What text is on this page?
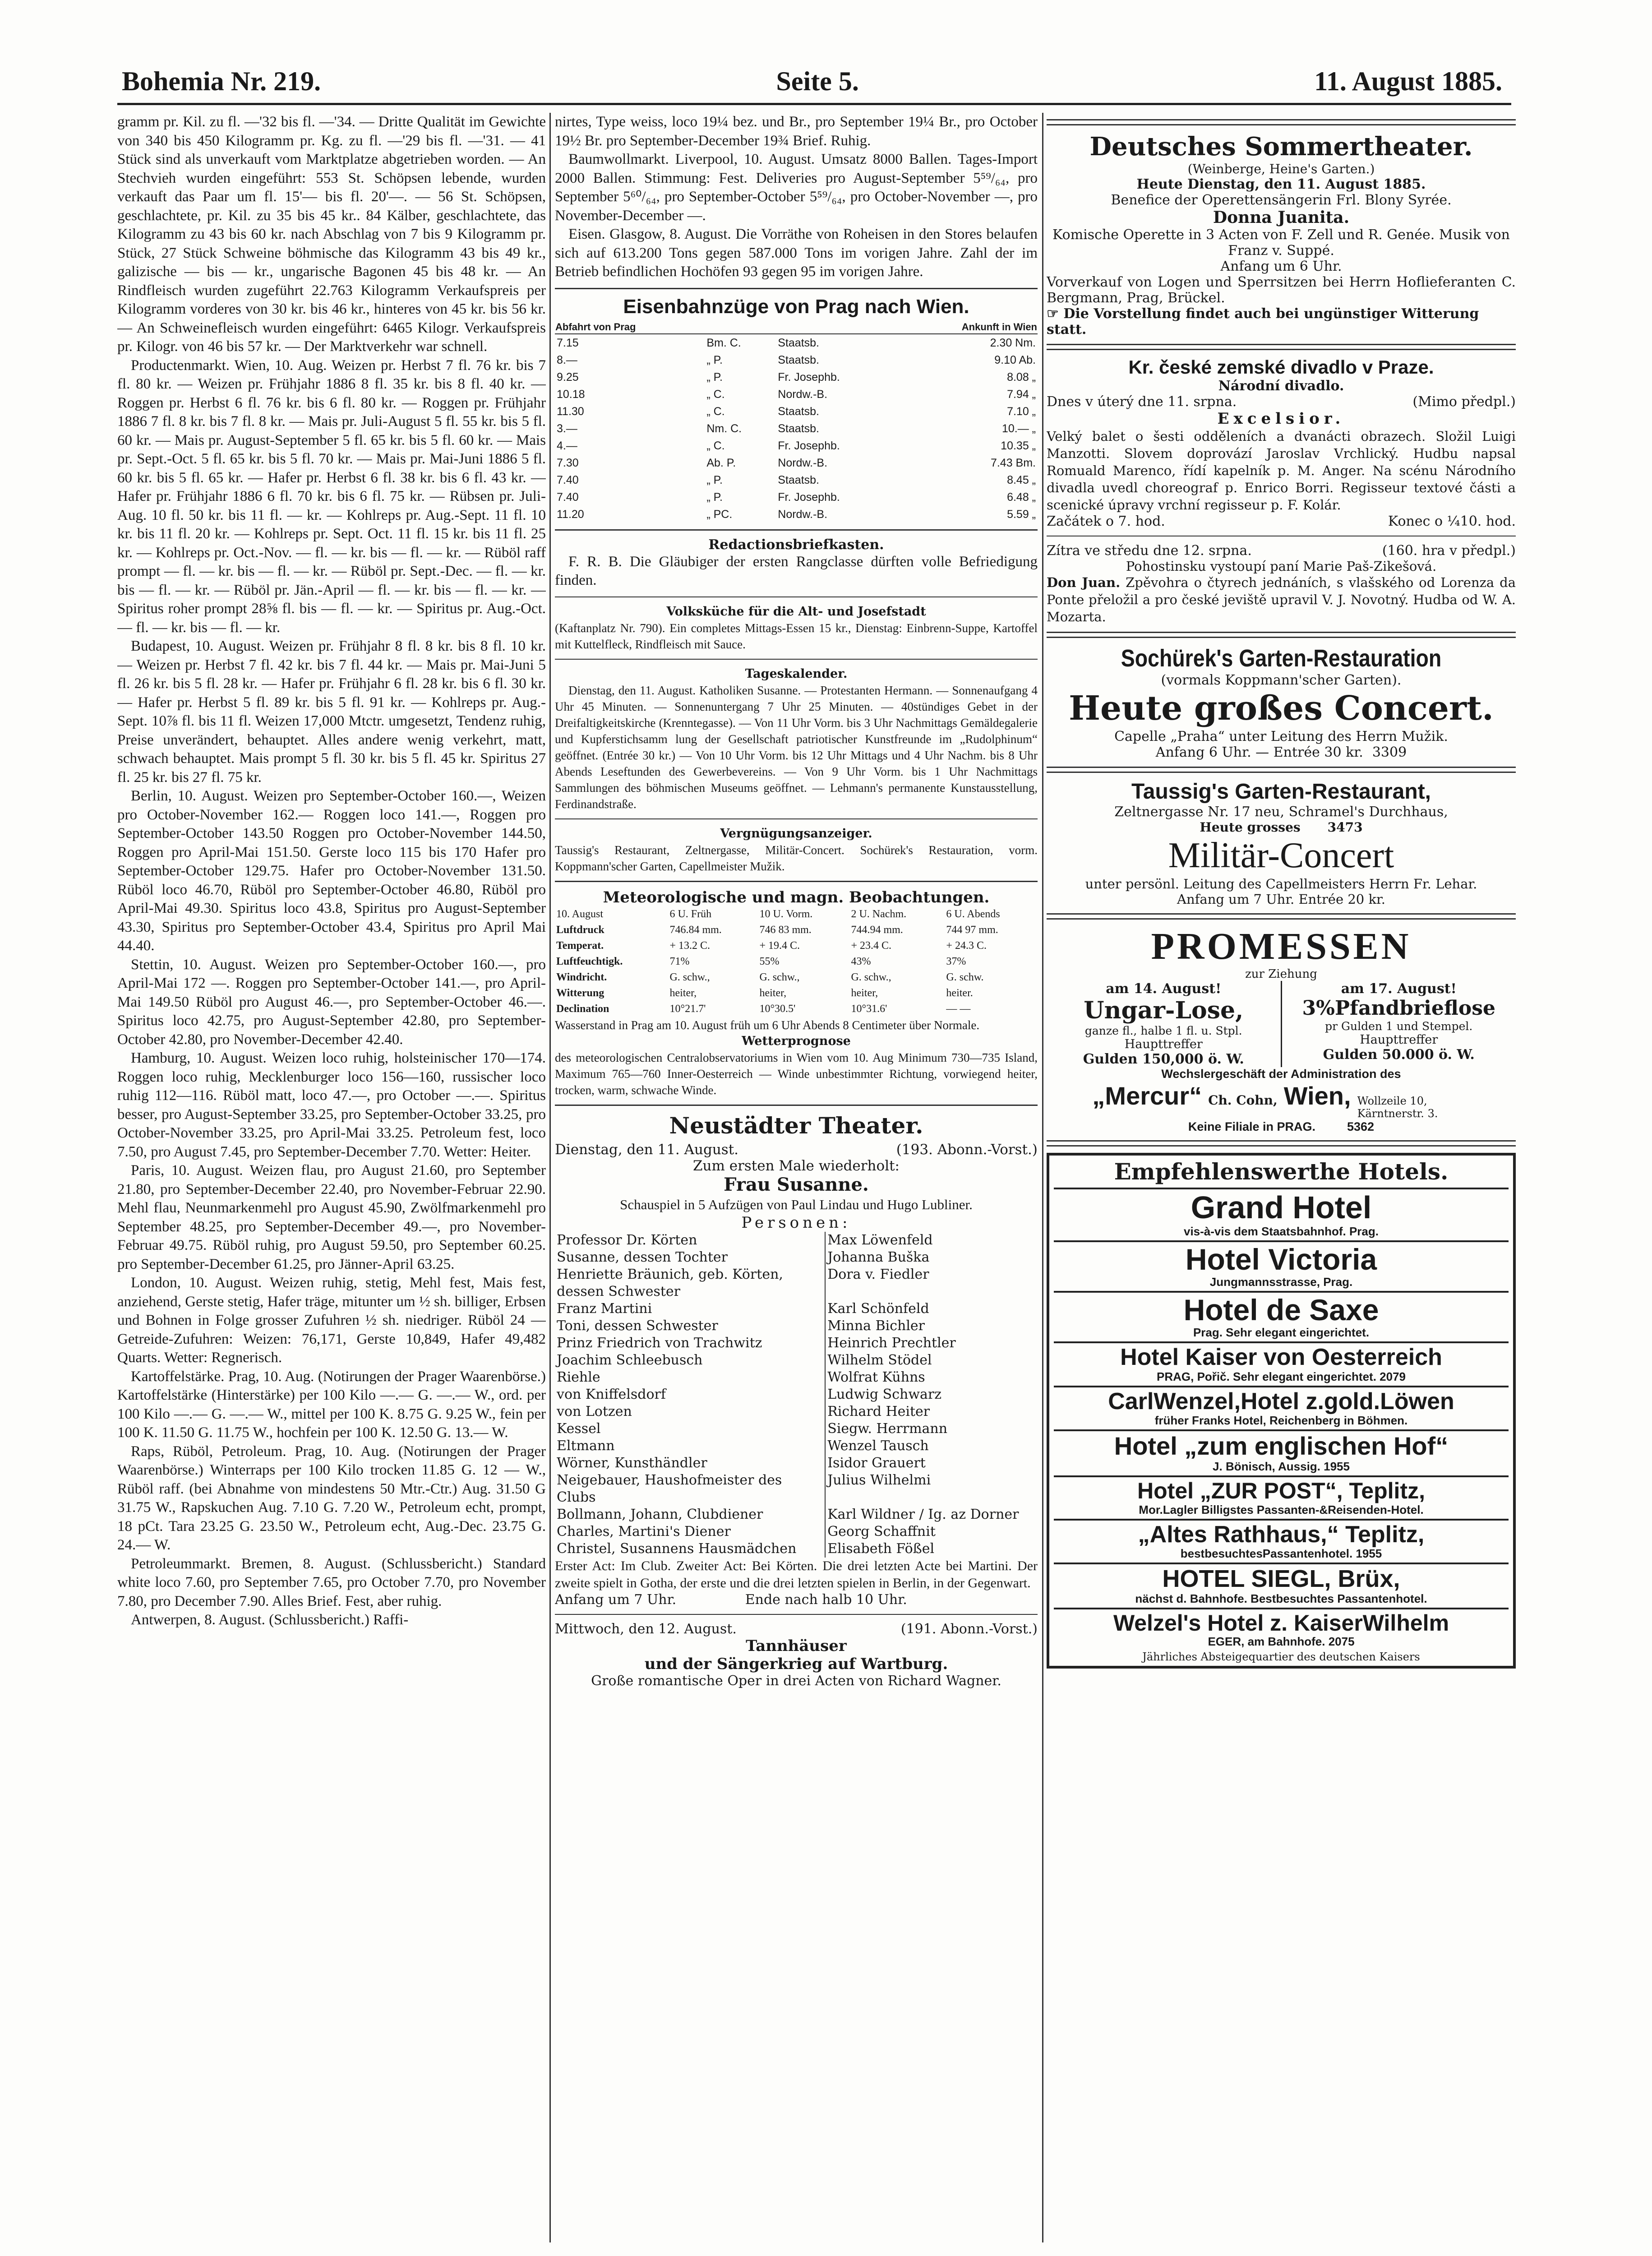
Bohemia Nr. 219.	Seite 5.	11. August 1885.

gramm pr. Kil. zu fl. —'32 bis fl. —'34. — Dritte Qualität im Gewichte von 340 bis 450 Kilogramm pr. Kg. zu fl. —'29 bis fl. —'31. — 41 Stück sind als unverkauft vom Marktplatze abgetrieben worden. — An Stechvieh wurden eingeführt: 553 St. Schöpsen lebende, wurden verkauft das Paar um fl. 15'— bis fl. 20'—. — 56 St. Schöpsen, geschlachtete, pr. Kil. zu 35 bis 45 kr.. 84 Kälber, geschlachtete, das Kilogramm zu 43 bis 60 kr. nach Abschlag von 7 bis 9 Kilogramm pr. Stück, 27 Stück Schweine böhmische das Kilogramm 43 bis 49 kr., galizische — bis — kr., ungarische Bagonen 45 bis 48 kr. — An Rindfleisch wurden zugeführt 22.763 Kilogramm Verkaufspreis per Kilogramm vorderes von 30 kr. bis 46 kr., hinteres von 45 kr. bis 56 kr. — An Schweinefleisch wurden eingeführt: 6465 Kilogr. Verkaufspreis pr. Kilogr. von 46 bis 57 kr. — Der Marktverkehr war schnell.

Productenmarkt. Wien, 10. Aug. Weizen pr. Herbst 7 fl. 76 kr. bis 7 fl. 80 kr. — Weizen pr. Frühjahr 1886 8 fl. 35 kr. bis 8 fl. 40 kr. — Roggen pr. Herbst 6 fl. 76 kr. bis 6 fl. 80 kr. — Roggen pr. Frühjahr 1886 7 fl. 8 kr. bis 7 fl. 8 kr. — Mais pr. Juli-August 5 fl. 55 kr. bis 5 fl. 60 kr. — Mais pr. August-September 5 fl. 65 kr. bis 5 fl. 60 kr. — Mais pr. Sept.-Oct. 5 fl. 65 kr. bis 5 fl. 70 kr. — Mais pr. Mai-Juni 1886 5 fl. 60 kr. bis 5 fl. 65 kr. — Hafer pr. Herbst 6 fl. 38 kr. bis 6 fl. 43 kr. — Hafer pr. Frühjahr 1886 6 fl. 70 kr. bis 6 fl. 75 kr. — Rübsen pr. Juli-Aug. 10 fl. 50 kr. bis 11 fl. — kr. — Kohlreps pr. Aug.-Sept. 11 fl. 10 kr. bis 11 fl. 20 kr. — Kohlreps pr. Sept. Oct. 11 fl. 15 kr. bis 11 fl. 25 kr. — Kohlreps pr. Oct.-Nov. — fl. — kr. bis — fl. — kr. — Rüböl raff prompt — fl. — kr. bis — fl. — kr. — Rüböl pr. Sept.-Dec. — fl. — kr. bis — fl. — kr. — Rüböl pr. Jän.-April — fl. — kr. bis — fl. — kr. — Spiritus roher prompt 28⅝ fl. bis — fl. — kr. — Spiritus pr. Aug.-Oct. — fl. — kr. bis — fl. — kr.

Budapest, 10. August. Weizen pr. Frühjahr 8 fl. 8 kr. bis 8 fl. 10 kr. — Weizen pr. Herbst 7 fl. 42 kr. bis 7 fl. 44 kr. — Mais pr. Mai-Juni 5 fl. 26 kr. bis 5 fl. 28 kr. — Hafer pr. Frühjahr 6 fl. 28 kr. bis 6 fl. 30 kr. — Hafer pr. Herbst 5 fl. 89 kr. bis 5 fl. 91 kr. — Kohlreps pr. Aug.-Sept. 10⅞ fl. bis 11 fl. Weizen 17,000 Mtctr. umgesetzt, Tendenz ruhig, Preise unverändert, behauptet. Alles andere wenig verkehrt, matt, schwach behauptet. Mais prompt 5 fl. 30 kr. bis 5 fl. 45 kr. Spiritus 27 fl. 25 kr. bis 27 fl. 75 kr.

Berlin, 10. August. Weizen pro September-October 160.—, Weizen pro October-November 162.— Roggen loco 141.—, Roggen pro September-October 143.50 Roggen pro October-November 144.50, Roggen pro April-Mai 151.50. Gerste loco 115 bis 170 Hafer pro September-October 129.75. Hafer pro October-November 131.50. Rüböl loco 46.70, Rüböl pro September-October 46.80, Rüböl pro April-Mai 49.30. Spiritus loco 43.8, Spiritus pro August-September 43.30, Spiritus pro September-October 43.4, Spiritus pro April Mai 44.40.

Stettin, 10. August. Weizen pro September-October 160.—, pro April-Mai 172 —. Roggen pro September-October 141.—, pro April-Mai 149.50 Rüböl pro August 46.—, pro September-October 46.—. Spiritus loco 42.75, pro August-September 42.80, pro September-October 42.80, pro November-December 42.40.

Hamburg, 10. August. Weizen loco ruhig, holsteinischer 170—174. Roggen loco ruhig, Mecklenburger loco 156—160, russischer loco ruhig 112—116. Rüböl matt, loco 47.—, pro October —.—. Spiritus besser, pro August-September 33.25, pro September-October 33.25, pro October-November 33.25, pro April-Mai 33.25. Petroleum fest, loco 7.50, pro August 7.45, pro September-December 7.70. Wetter: Heiter.

Paris, 10. August. Weizen flau, pro August 21.60, pro September 21.80, pro September-December 22.40, pro November-Februar 22.90. Mehl flau, Neunmarkenmehl pro August 45.90, Zwölfmarkenmehl pro September 48.25, pro September-December 49.—, pro November-Februar 49.75. Rüböl ruhig, pro August 59.50, pro September 60.25. pro September-December 61.25, pro Jänner-April 63.25.

London, 10. August. Weizen ruhig, stetig, Mehl fest, Mais fest, anziehend, Gerste stetig, Hafer träge, mitunter um ½ sh. billiger, Erbsen und Bohnen in Folge grosser Zufuhren ½ sh. niedriger. Rüböl 24 — Getreide-Zufuhren: Weizen: 76,171, Gerste 10,849, Hafer 49,482 Quarts. Wetter: Regnerisch.

Kartoffelstärke. Prag, 10. Aug. (Notirungen der Prager Waarenbörse.) Kartoffelstärke (Hinterstärke) per 100 Kilo —.— G. —.— W., ord. per 100 Kilo —.— G. —.— W., mittel per 100 K. 8.75 G. 9.25 W., fein per 100 K. 11.50 G. 11.75 W., hochfein per 100 K. 12.50 G. 13.— W.

Raps, Rüböl, Petroleum. Prag, 10. Aug. (Notirungen der Prager Waarenbörse.) Winterraps per 100 Kilo trocken 11.85 G. 12 — W., Rüböl raff. (bei Abnahme von mindestens 50 Mtr.-Ctr.) Aug. 31.50 G 31.75 W., Rapskuchen Aug. 7.10 G. 7.20 W., Petroleum echt, prompt, 18 pCt. Tara 23.25 G. 23.50 W., Petroleum echt, Aug.-Dec. 23.75 G. 24.— W.

Petroleummarkt. Bremen, 8. August. (Schlussbericht.) Standard white loco 7.60, pro September 7.65, pro October 7.70, pro November 7.80, pro December 7.90. Alles Brief. Fest, aber ruhig.

Antwerpen, 8. August. (Schlussbericht.) Raffi-

nirtes, Type weiss, loco 19¼ bez. und Br., pro September 19¼ Br., pro October 19½ Br. pro September-December 19¾ Brief. Ruhig.

Baumwollmarkt. Liverpool, 10. August. Umsatz 8000 Ballen. Tages-Import 2000 Ballen. Stimmung: Fest. Deliveries pro August-September 5⁵⁹/₆₄, pro September 5⁶⁰/₆₄, pro September-October 5⁵⁹/₆₄, pro October-November —, pro November-December —.

Eisen. Glasgow, 8. August. Die Vorräthe von Roheisen in den Stores belaufen sich auf 613.200 Tons gegen 587.000 Tons im vorigen Jahre. Zahl der im Betrieb befindlichen Hochöfen 93 gegen 95 im vorigen Jahre.

Eisenbahnzüge von Prag nach Wien.
Abfahrt von Prag			Ankunft in Wien
7.15	Bm. C.	Staatsb.	2.30 Nm.
8.—	„ P.	Staatsb.	9.10 Ab.
9.25	„ P.	Fr. Josephb.	8.08 „
10.18	„ C.	Nordw.-B.	7.94 „
11.30	„ C.	Staatsb.	7.10 „
3.—	Nm. C.	Staatsb.	10.— „
4.—	„ C.	Fr. Josephb.	10.35 „
7.30	Ab. P.	Nordw.-B.	7.43 Bm.
7.40	„ P.	Staatsb.	8.45 „
7.40	„ P.	Fr. Josephb.	6.48 „
11.20	„ PC.	Nordw.-B.	5.59 „
Redactionsbriefkasten.

F. R. B. Die Gläubiger der ersten Rangclasse dürften volle Befriedigung finden.

Volksküche für die Alt- und Josefstadt

(Kaftanplatz Nr. 790). Ein completes Mittags-Essen 15 kr., Dienstag: Einbrenn-Suppe, Kartoffel mit Kuttelfleck, Rindfleisch mit Sauce.

Tageskalender.

Dienstag, den 11. August. Katholiken Susanne. — Protestanten Hermann. — Sonnenaufgang 4 Uhr 45 Minuten. — Sonnenuntergang 7 Uhr 25 Minuten. — 40stündiges Gebet in der Dreifaltigkeitskirche (Krenntegasse). — Von 11 Uhr Vorm. bis 3 Uhr Nachmittags Gemäldegalerie und Kupferstichsamm lung der Gesellschaft patriotischer Kunstfreunde im „Rudolphinum“ geöffnet. (Entrée 30 kr.) — Von 10 Uhr Vorm. bis 12 Uhr Mittags und 4 Uhr Nachm. bis 8 Uhr Abends Leseftunden des Gewerbevereins. — Von 9 Uhr Vorm. bis 1 Uhr Nachmittags Sammlungen des böhmischen Museums geöffnet. — Lehmann's permanente Kunstausstellung, Ferdinandstraße.

Vergnügungsanzeiger.

Taussig's Restaurant, Zeltnergasse, Militär-Concert. Sochürek's Restauration, vorm. Koppmann'scher Garten, Capellmeister Mužik.

Meteorologische und magn. Beobachtungen.
10. August	6 U. Früh	10 U. Vorm.	2 U. Nachm.	6 U. Abends
Luftdruck	746.84 mm.	746 83 mm.	744.94 mm.	744 97 mm.
Temperat.	+ 13.2 C.	+ 19.4 C.	+ 23.4 C.	+ 24.3 C.
Luftfeuchtigk.	71%	55%	43%	37%
Windricht.	G. schw.,	G. schw.,	G. schw.,	G. schw.
Witterung	heiter,	heiter,	heiter,	heiter.
Declination	10°21.7'	10°30.5'	10°31.6'	— —

Wasserstand in Prag am 10. August früh um 6 Uhr Abends 8 Centimeter über Normale.

Wetterprognose

des meteorologischen Centralobservatoriums in Wien vom 10. Aug Minimum 730—735 Island, Maximum 765—760 Inner-Oesterreich — Winde unbestimmter Richtung, vorwiegend heiter, trocken, warm, schwache Winde.

Neustädter Theater.
Dienstag, den 11. August.	(193. Abonn.-Vorst.)
Zum ersten Male wiederholt:
Frau Susanne.

Schauspiel in 5 Aufzügen von Paul Lindau und Hugo Lubliner.

Personen:
Professor Dr. Körten	Max Löwenfeld
Susanne, dessen Tochter	Johanna Buška
Henriette Bräunich, geb. Körten, dessen Schwester	Dora v. Fiedler
Franz Martini	Karl Schönfeld
Toni, dessen Schwester	Minna Bichler
Prinz Friedrich von Trachwitz	Heinrich Prechtler
Joachim Schleebusch	Wilhelm Stödel
Riehle	Wolfrat Kühns
von Kniffelsdorf	Ludwig Schwarz
von Lotzen	Richard Heiter
Kessel	Siegw. Herrmann
Eltmann	Wenzel Tausch
Wörner, Kunsthändler	Isidor Grauert
Neigebauer, Haushofmeister des Clubs	Julius Wilhelmi
Bollmann, Johann, Clubdiener	Karl Wildner / Ig. az Dorner
Charles, Martini's Diener	Georg Schaffnit
Christel, Susannens Hausmädchen	Elisabeth Fößel

Erster Act: Im Club. Zweiter Act: Bei Körten. Die drei letzten Acte bei Martini. Der zweite spielt in Gotha, der erste und die drei letzten spielen in Berlin, in der Gegenwart.

Anfang um 7 Uhr.                Ende nach halb 10 Uhr.
Mittwoch, den 12. August.	(191. Abonn.-Vorst.)
Tannhäuser
und der Sängerkrieg auf Wartburg.
Große romantische Oper in drei Acten von Richard Wagner.
Deutsches Sommertheater.
(Weinberge, Heine's Garten.)
Heute Dienstag, den 11. August 1885.
Benefice der Operettensängerin Frl. Blony Syrée.
Donna Juanita.
Komische Operette in 3 Acten von F. Zell und R. Genée. Musik von Franz v. Suppé.
Anfang um 6 Uhr.
Vorverkauf von Logen und Sperrsitzen bei Herrn Hoflieferanten C. Bergmann, Prag, Brückel.
☞ Die Vorstellung findet auch bei ungünstiger Witterung statt.
Kr. české zemské divadlo v Praze.
Národní divadlo.
Dnes v úterý dne 11. srpna.	(Mimo předpl.)
Excelsior.
Velký balet o šesti odděleních a dvanácti obrazech. Složil Luigi Manzotti. Slovem doprovází Jaroslav Vrchlický. Hudbu napsal Romuald Marenco, řídí kapelník p. M. Anger. Na scénu Národního divadla uvedl choreograf p. Enrico Borri. Regisseur textové části a scenické úpravy vrchní regisseur p. F. Kolár.
Začátek o 7. hod.	Konec o ¼10. hod.
Zítra ve středu dne 12. srpna.	(160. hra v předpl.)
Pohostinsku vystoupí paní Marie Paš-Zikešová.
Don Juan. Zpěvohra o čtyrech jednáních, s vlašského od Lorenza da Ponte přeložil a pro české jeviště upravil V. J. Novotný. Hudba od W. A. Mozarta.
Sochürek's Garten-Restauration
(vormals Koppmann'scher Garten).
Heute großes Concert.
Capelle „Praha“ unter Leitung des Herrn Mužik.
Anfang 6 Uhr. — Entrée 30 kr. 3309
Taussig's Garten-Restaurant,
Zeltnergasse Nr. 17 neu, Schramel's Durchhaus,
Heute grosses 3473
Militär-Concert
unter persönl. Leitung des Capellmeisters Herrn Fr. Lehar.
Anfang um 7 Uhr. Entrée 20 kr.
PROMESSEN
zur Ziehung
am 14. August!
Ungar-Lose,
ganze fl., halbe 1 fl. u. Stpl.
Haupttreffer
Gulden 150,000 ö. W.
am 17. August!
3%Pfandbrieflose
pr Gulden 1 und Stempel.
Haupttreffer
Gulden 50.000 ö. W.
Wechslergeschäft der Administration des
„Mercur“ Ch. Cohn, Wien, Wollzeile 10, Kärntnerstr. 3.
Keine Filiale in PRAG.	5362
Empfehlenswerthe Hotels.
Grand Hotel
vis-à-vis dem Staatsbahnhof. Prag.
Hotel Victoria
Jungmannsstrasse, Prag.
Hotel de Saxe
Prag. Sehr elegant eingerichtet.
Hotel Kaiser von Oesterreich
PRAG, Pořič. Sehr elegant eingerichtet. 2079
CarlWenzel,Hotel z.gold.Löwen
früher Franks Hotel, Reichenberg in Böhmen.
Hotel „zum englischen Hof“
J. Bönisch, Aussig. 1955
Hotel „ZUR POST“, Teplitz,
Mor.Lagler Billigstes Passanten-&Reisenden-Hotel.
„Altes Rathhaus,“ Teplitz,
bestbesuchtesPassantenhotel. 1955
HOTEL SIEGL, Brüx,
nächst d. Bahnhofe. Bestbesuchtes Passantenhotel.
Welzel's Hotel z. KaiserWilhelm
EGER, am Bahnhofe. 2075
Jährliches Absteigequartier des deutschen Kaisers
